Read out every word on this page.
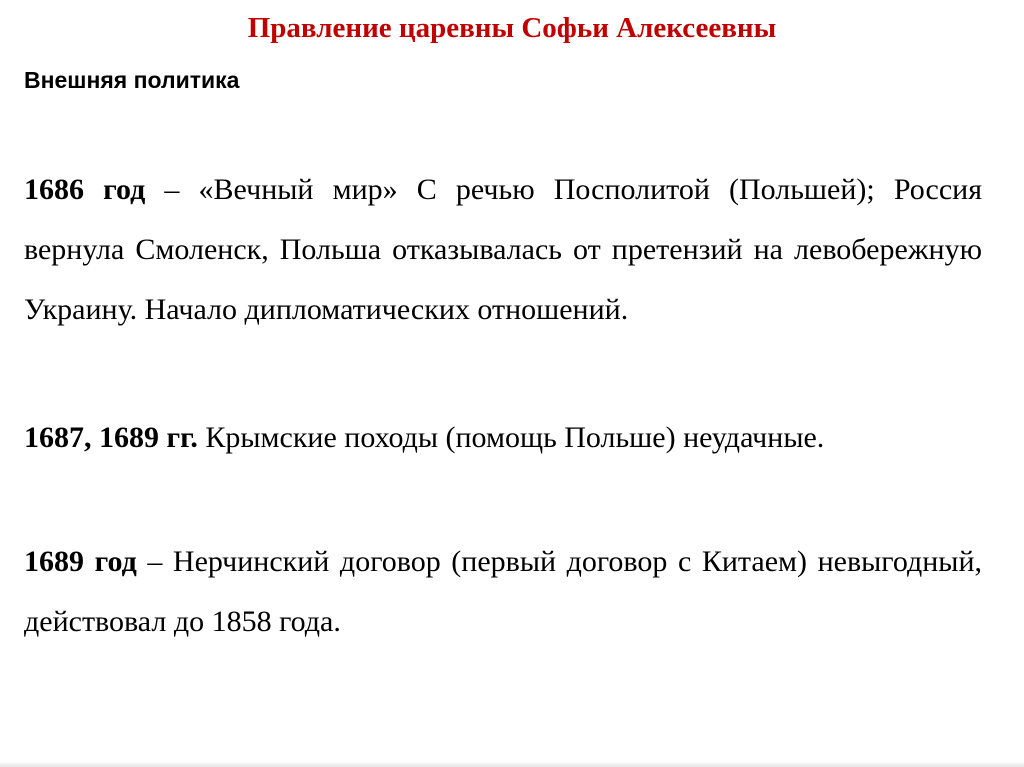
Правление царевны Софьи Алексеевны
Внешняя политика

1686 год – «Вечный мир» С речью Посполитой (Польшей); Россия вернула Смоленск, Польша отказывалась от претензий на левобережную Украину. Начало дипломатических отношений.

1687, 1689 гг. Крымские походы (помощь Польше) неудачные.

1689 год – Нерчинский договор (первый договор с Китаем) невыгодный, действовал до 1858 года.
